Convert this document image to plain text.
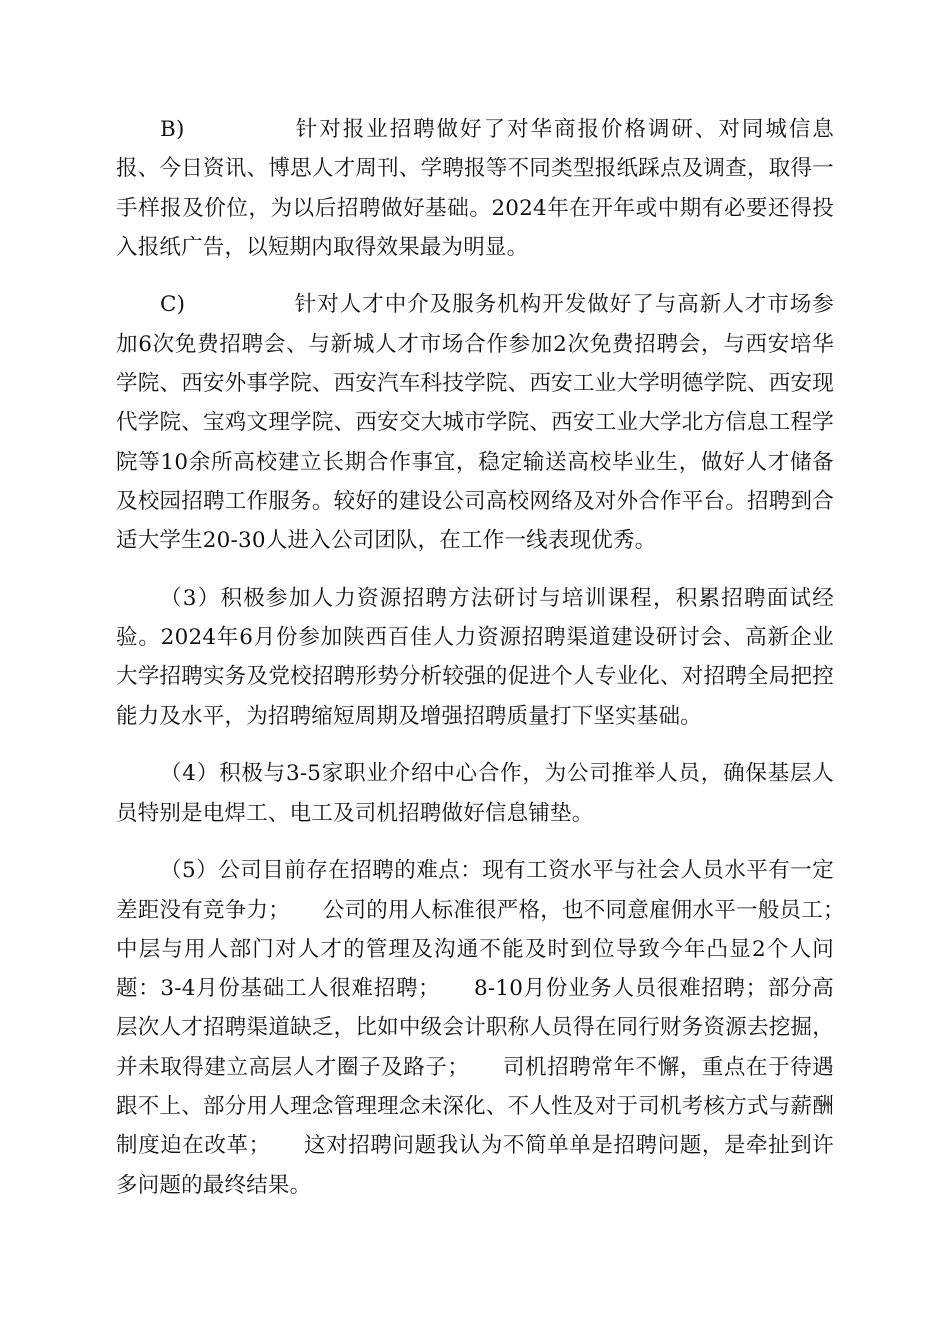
B)	针对报业招聘做好了对华商报价格调研、对同城信息报、今日资讯、博思人才周刊、学聘报等不同类型报纸踩点及调查，取得一手样报及价位，为以后招聘做好基础。2024年在开年或中期有必要还得投入报纸广告，以短期内取得效果最为明显。

C)	针对人才中介及服务机构开发做好了与高新人才市场参加6次免费招聘会、与新城人才市场合作参加2次免费招聘会，与西安培华学院、西安外事学院、西安汽车科技学院、西安工业大学明德学院、西安现代学院、宝鸡文理学院、西安交大城市学院、西安工业大学北方信息工程学院等10余所高校建立长期合作事宜，稳定输送高校毕业生，做好人才储备及校园招聘工作服务。较好的建设公司高校网络及对外合作平台。招聘到合适大学生20-30人进入公司团队，在工作一线表现优秀。

（3）积极参加人力资源招聘方法研讨与培训课程，积累招聘面试经验。2024年6月份参加陕西百佳人力资源招聘渠道建设研讨会、高新企业大学招聘实务及党校招聘形势分析较强的促进个人专业化、对招聘全局把控能力及水平，为招聘缩短周期及增强招聘质量打下坚实基础。

（4）积极与3-5家职业介绍中心合作，为公司推举人员，确保基层人员特别是电焊工、电工及司机招聘做好信息铺垫。

（5）公司目前存在招聘的难点：现有工资水平与社会人员水平有一定差距没有竞争力；　　公司的用人标准很严格，也不同意雇佣水平一般员工；　　中层与用人部门对人才的管理及沟通不能及时到位导致今年凸显2个人问题：3-4月份基础工人很难招聘；　　8-10月份业务人员很难招聘；部分高层次人才招聘渠道缺乏，比如中级会计职称人员得在同行财务资源去挖掘，并未取得建立高层人才圈子及路子；　　司机招聘常年不懈，重点在于待遇跟不上、部分用人理念管理理念未深化、不人性及对于司机考核方式与薪酬制度迫在改革；　　这对招聘问题我认为不简单单是招聘问题，是牵扯到许多问题的最终结果。
